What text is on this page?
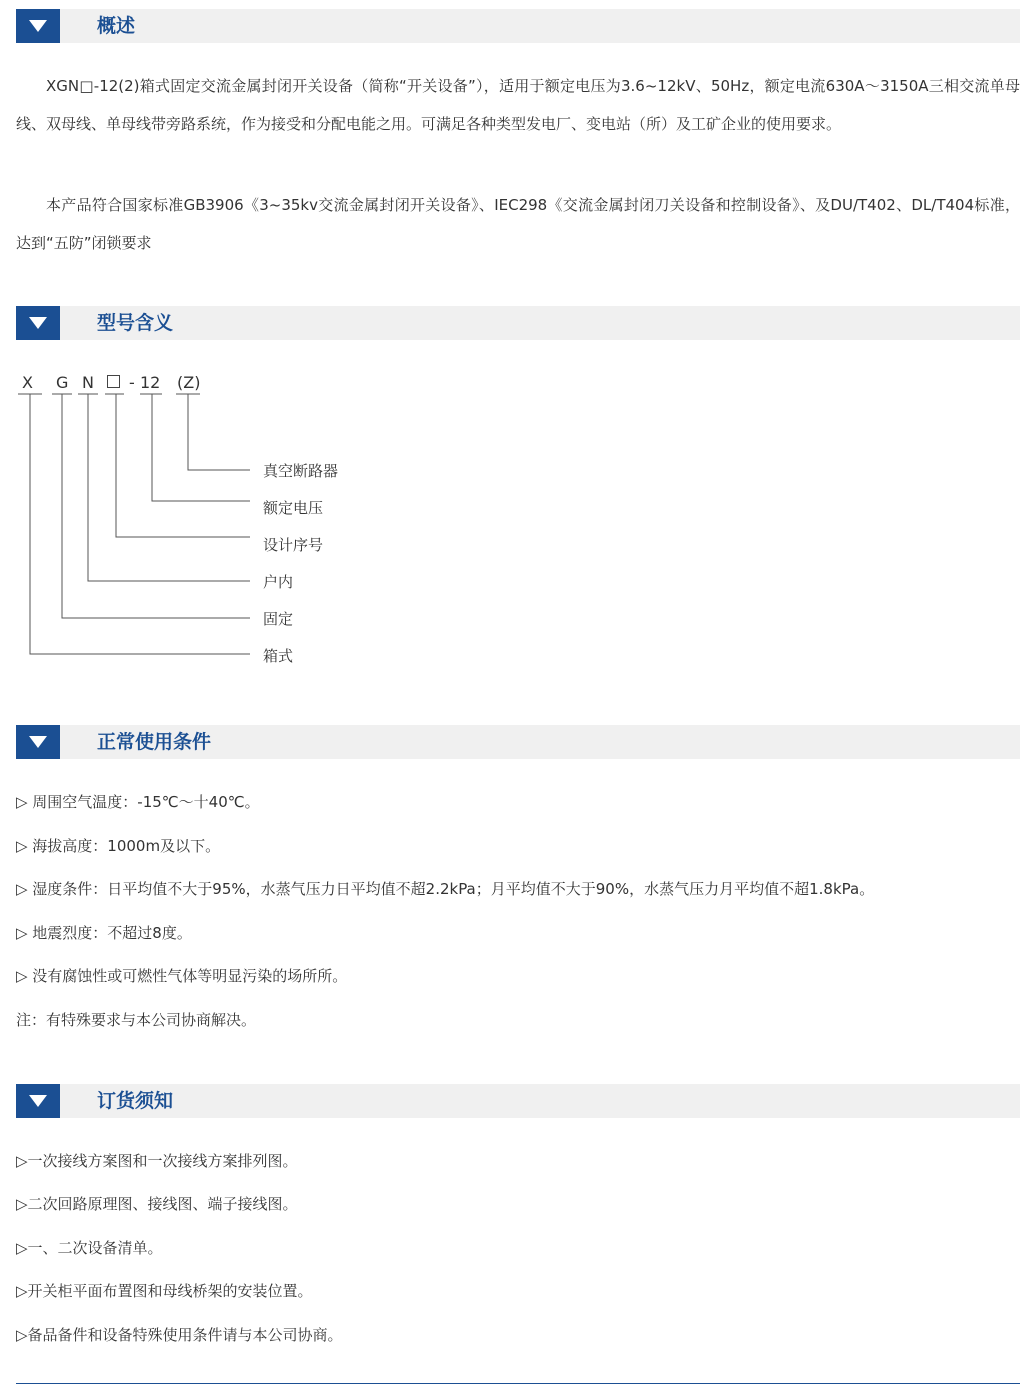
概述

XGN□-12(2)箱式固定交流金属封闭开关设备（简称“开关设备”），适用于额定电压为3.6~12kV、50Hz，额定电流630A～3150A三相交流单母线、双母线、单母线带旁路系统，作为接受和分配电能之用。可满足各种类型发电厂、变电站（所）及工矿企业的使用要求。

本产品符合国家标准GB3906《3~35kv交流金属封闭开关设备》、IEC298《交流金属封闭刀关设备和控制设备》、及DU/T402、DL/T404标准，达到“五防”闭锁要求

型号含义
X G N - 12 (Z)
真空断路器
额定电压
设计序号
户内
固定
箱式
正常使用条件
▷ 周围空气温度：-15℃～十40℃。
▷ 海拔高度：1000m及以下。
▷ 湿度条件：日平均值不大于95%，水蒸气压力日平均值不超2.2kPa；月平均值不大于90%，水蒸气压力月平均值不超1.8kPa。
▷ 地震烈度：不超过8度。
▷ 没有腐蚀性或可燃性气体等明显污染的场所所。
注：有特殊要求与本公司协商解决。
订货须知
▷一次接线方案图和一次接线方案排列图。
▷二次回路原理图、接线图、端子接线图。
▷一、二次设备清单。
▷开关柜平面布置图和母线桥架的安装位置。
▷备品备件和设备特殊使用条件请与本公司协商。
